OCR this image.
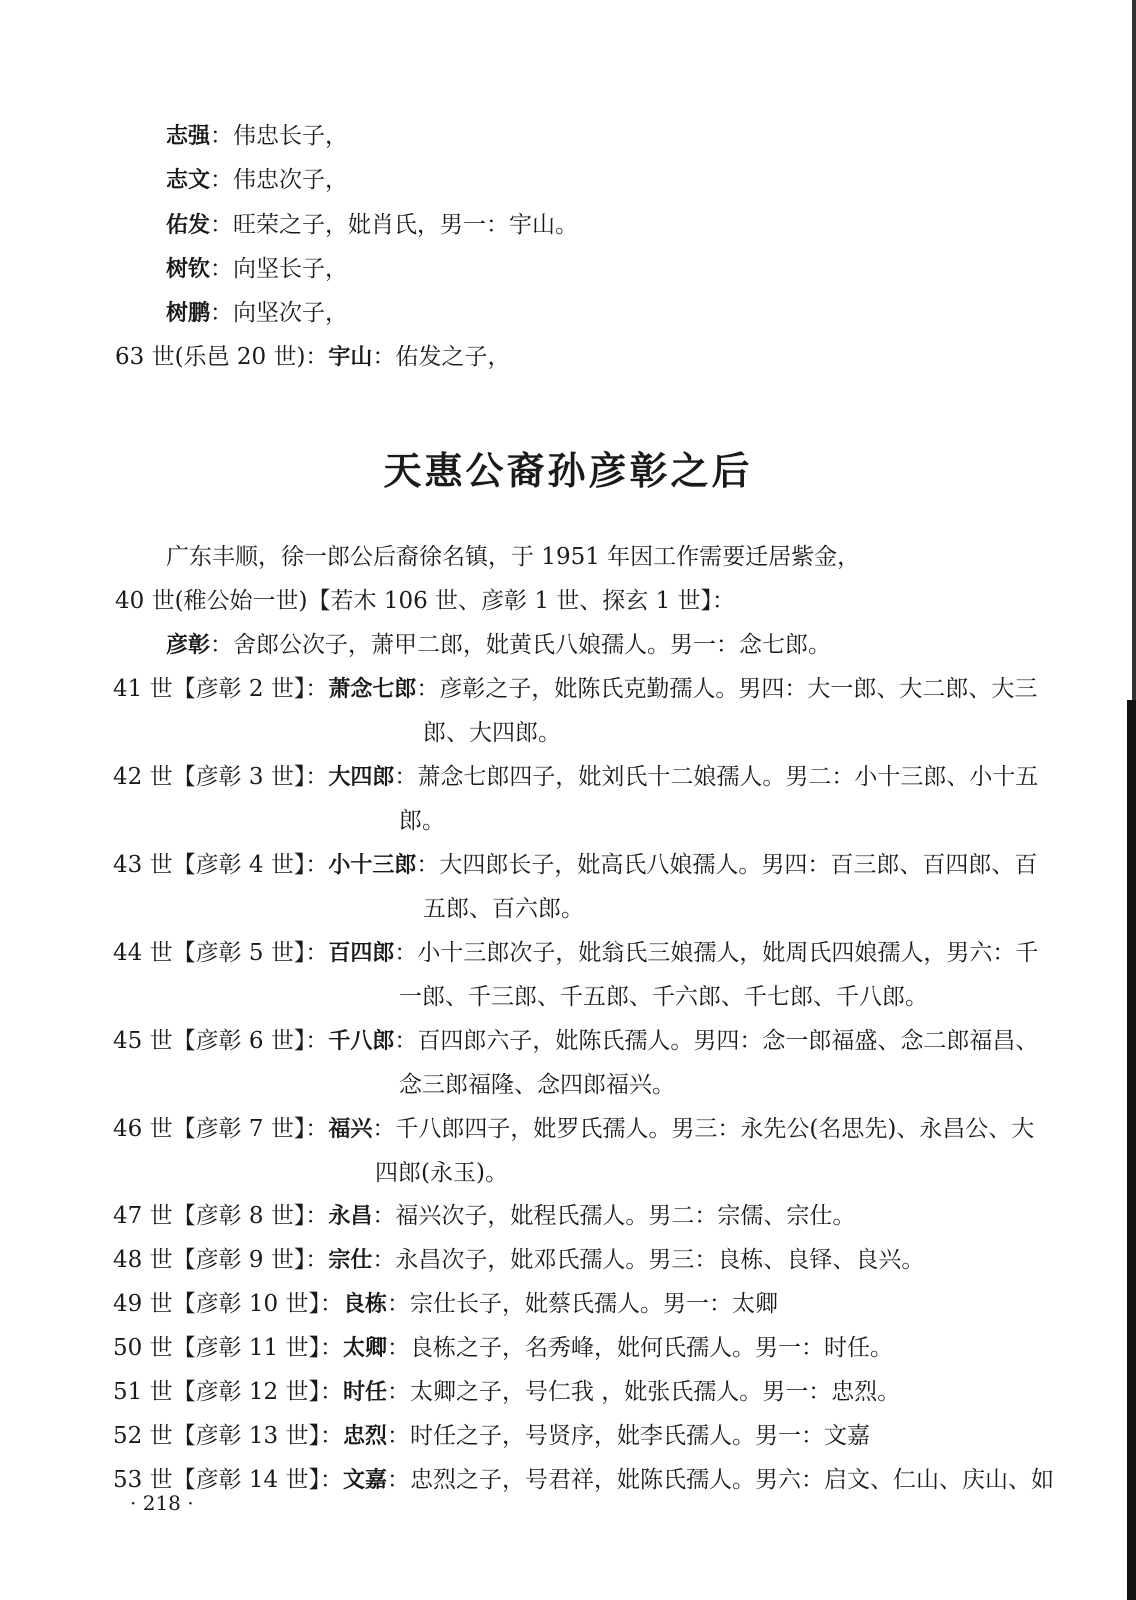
志强：伟忠长子，
志文：伟忠次子，
佑发：旺荣之子，妣肖氏，男一：宇山。
树钦：向坚长子，
树鹏：向坚次子，
63 世(乐邑 20 世)：宇山：佑发之子，
天惠公裔孙彦彰之后
广东丰顺，徐一郎公后裔徐名镇，于 1951 年因工作需要迁居紫金，
40 世(稚公始一世)【若木 106 世、彦彰 1 世、探玄 1 世】：
彦彰：舍郎公次子，萧甲二郎，妣黄氏八娘孺人。男一：念七郎。
41 世【彦彰 2 世】：萧念七郎：彦彰之子，妣陈氏克勤孺人。男四：大一郎、大二郎、大三
郎、大四郎。
42 世【彦彰 3 世】：大四郎：萧念七郎四子，妣刘氏十二娘孺人。男二：小十三郎、小十五
郎。
43 世【彦彰 4 世】：小十三郎：大四郎长子，妣高氏八娘孺人。男四：百三郎、百四郎、百
五郎、百六郎。
44 世【彦彰 5 世】：百四郎：小十三郎次子，妣翁氏三娘孺人，妣周氏四娘孺人，男六：千
一郎、千三郎、千五郎、千六郎、千七郎、千八郎。
45 世【彦彰 6 世】：千八郎：百四郎六子，妣陈氏孺人。男四：念一郎福盛、念二郎福昌、
念三郎福隆、念四郎福兴。
46 世【彦彰 7 世】：福兴：千八郎四子，妣罗氏孺人。男三：永先公(名思先)、永昌公、大
四郎(永玉)。
47 世【彦彰 8 世】：永昌：福兴次子，妣程氏孺人。男二：宗儒、宗仕。
48 世【彦彰 9 世】：宗仕：永昌次子，妣邓氏孺人。男三：良栋、良铎、良兴。
49 世【彦彰 10 世】：良栋：宗仕长子，妣蔡氏孺人。男一：太卿
50 世【彦彰 11 世】：太卿：良栋之子，名秀峰，妣何氏孺人。男一：时任。
51 世【彦彰 12 世】：时任：太卿之子，号仁我 ，妣张氏孺人。男一：忠烈。
52 世【彦彰 13 世】：忠烈：时任之子，号贤序，妣李氏孺人。男一：文嘉
53 世【彦彰 14 世】：文嘉：忠烈之子，号君祥，妣陈氏孺人。男六：启文、仁山、庆山、如
· 218 ·
